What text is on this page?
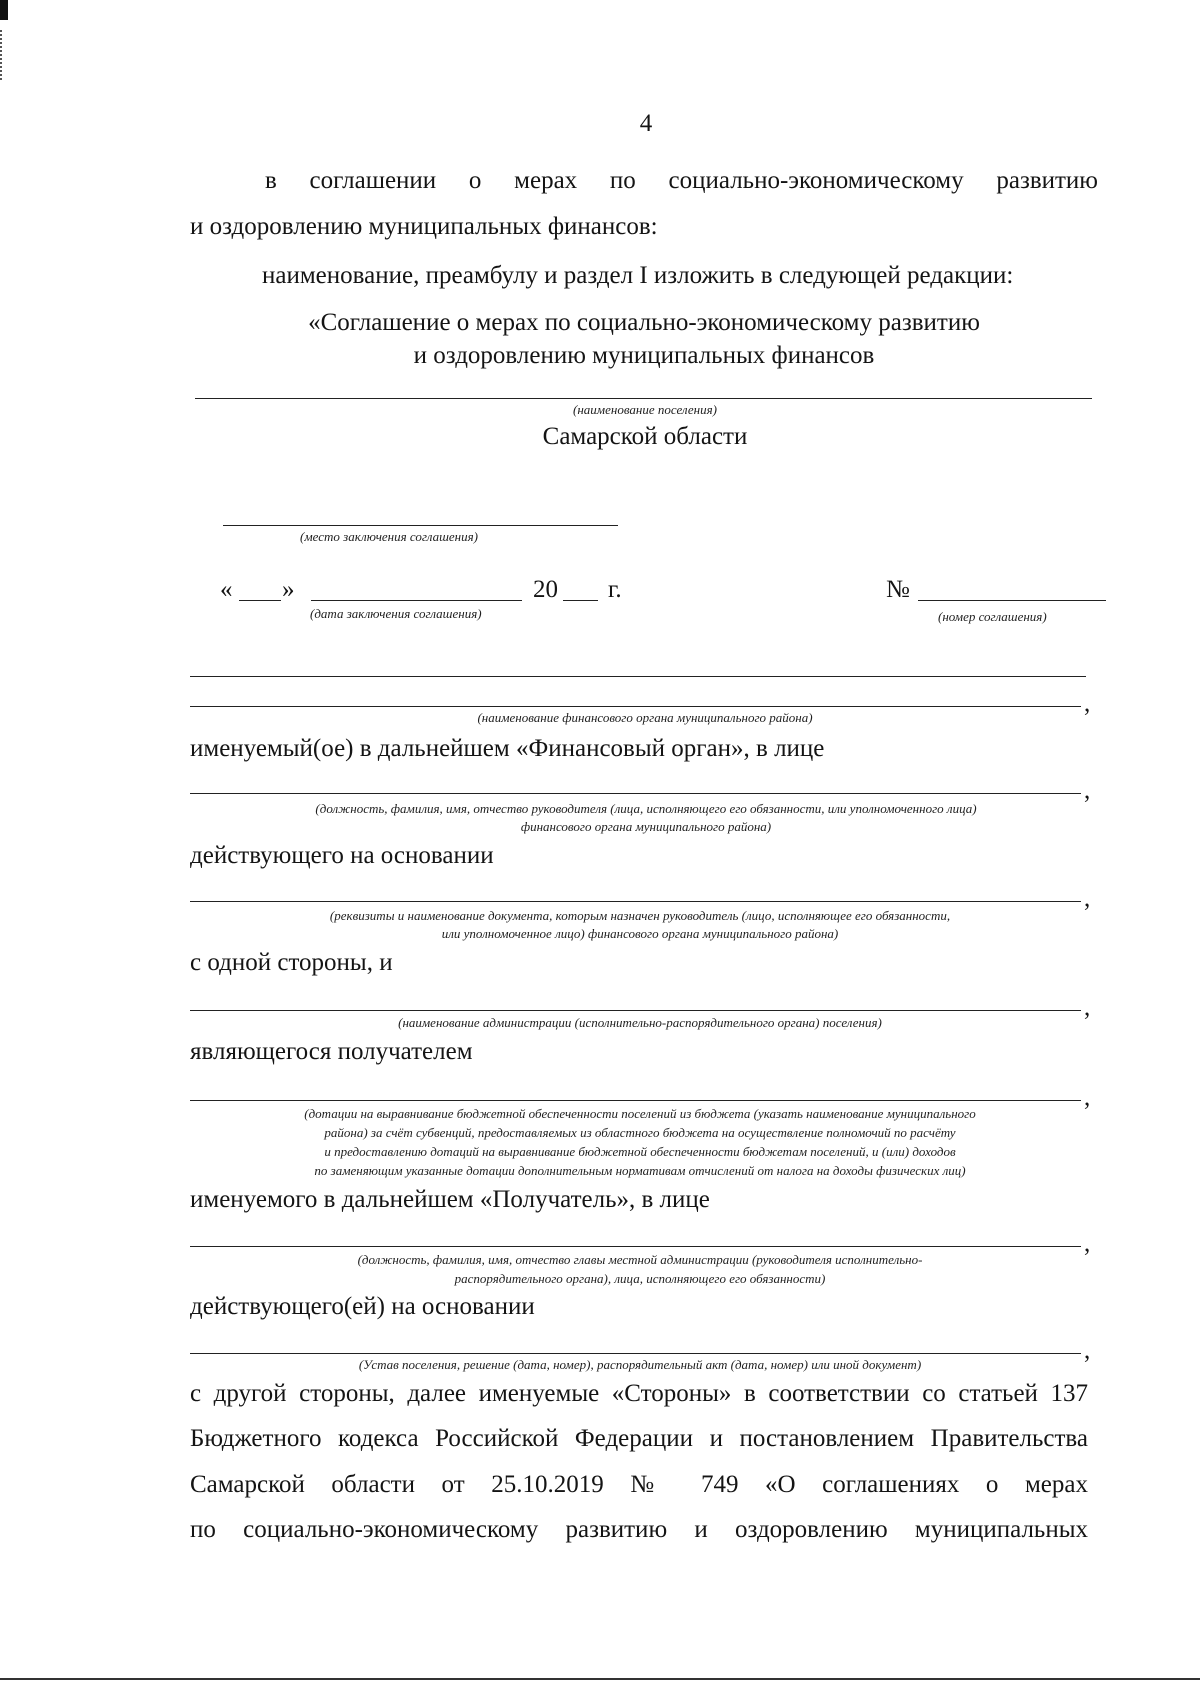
4
в соглашении о мерах по социально-экономическому развитию
и оздоровлению муниципальных финансов:
наименование, преамбулу и раздел I изложить в следующей редакции:
«Соглашение о мерах по социально-экономическому развитию
и оздоровлению муниципальных финансов
(наименование поселения)
Самарской области
(место заключения соглашения)
« »	20 г.	№
(дата заключения соглашения)	(номер соглашения)
,
(наименование финансового органа муниципального района)
именуемый(ое) в дальнейшем «Финансовый орган», в лице
,
(должность, фамилия, имя, отчество руководителя (лица, исполняющего его обязанности, или уполномоченного лица)
финансового органа муниципального района)
действующего на основании
,
(реквизиты и наименование документа, которым назначен руководитель (лицо, исполняющее его обязанности,
или уполномоченное лицо) финансового органа муниципального района)
с одной стороны, и
,
(наименование администрации (исполнительно-распорядительного органа) поселения)
являющегося получателем
,
(дотации на выравнивание бюджетной обеспеченности поселений из бюджета (указать наименование муниципального
района) за счёт субвенций, предоставляемых из областного бюджета на осуществление полномочий по расчёту
и предоставлению дотаций на выравнивание бюджетной обеспеченности бюджетам поселений, и (или) доходов
по заменяющим указанные дотации дополнительным нормативам отчислений от налога на доходы физических лиц)
именуемого в дальнейшем «Получатель», в лице
,
(должность, фамилия, имя, отчество главы местной администрации (руководителя исполнительно-
распорядительного органа), лица, исполняющего его обязанности)
действующего(ей) на основании
,
(Устав поселения, решение (дата, номер), распорядительный акт (дата, номер) или иной документ)
с другой стороны, далее именуемые «Стороны» в соответствии со статьей 137
Бюджетного кодекса Российской Федерации и постановлением Правительства
Самарской области от 25.10.2019 № 749 «О соглашениях о мерах
по социально-экономическому развитию и оздоровлению муниципальных
